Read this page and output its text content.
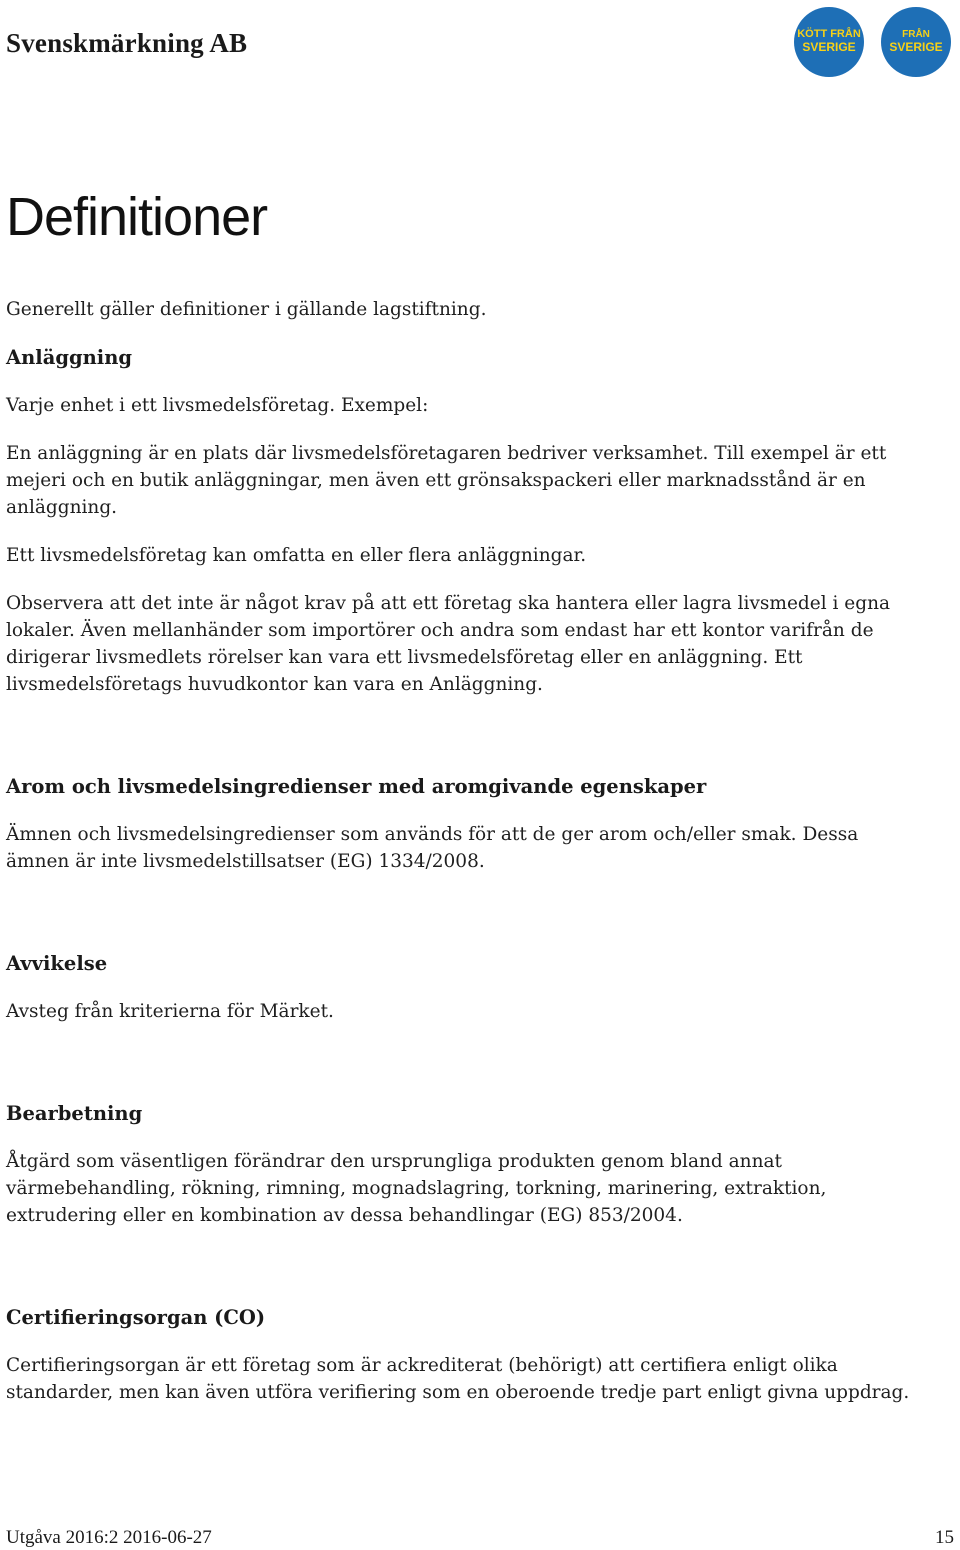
Svenskmärkning AB	KÖTT FRÅN
SVERIGE
FRÅN
SVERIGE
Definitioner

Generellt gäller definitioner i gällande lagstiftning.

Anläggning

Varje enhet i ett livsmedelsföretag. Exempel:

En anläggning är en plats där livsmedelsföretagaren bedriver verksamhet. Till exempel är ett mejeri och en butik anläggningar, men även ett grönsakspackeri eller marknadsstånd är en anläggning.

Ett livsmedelsföretag kan omfatta en eller flera anläggningar.

Observera att det inte är något krav på att ett företag ska hantera eller lagra livsmedel i egna lokaler. Även mellanhänder som importörer och andra som endast har ett kontor varifrån de dirigerar livsmedlets rörelser kan vara ett livsmedelsföretag eller en anläggning. Ett livsmedelsföretags huvudkontor kan vara en Anläggning.

Arom och livsmedelsingredienser med aromgivande egenskaper

Ämnen och livsmedelsingredienser som används för att de ger arom och/eller smak. Dessa ämnen är inte livsmedelstillsatser (EG) 1334/2008.

Avvikelse

Avsteg från kriterierna för Märket.

Bearbetning

Åtgärd som väsentligen förändrar den ursprungliga produkten genom bland annat värmebehandling, rökning, rimning, mognadslagring, torkning, marinering, extraktion, extrudering eller en kombination av dessa behandlingar (EG) 853/2004.

Certifieringsorgan (CO)

Certifieringsorgan är ett företag som är ackrediterat (behörigt) att certifiera enligt olika standarder, men kan även utföra verifiering som en oberoende tredje part enligt givna uppdrag.

Utgåva 2016:2 2016-06-27	15
